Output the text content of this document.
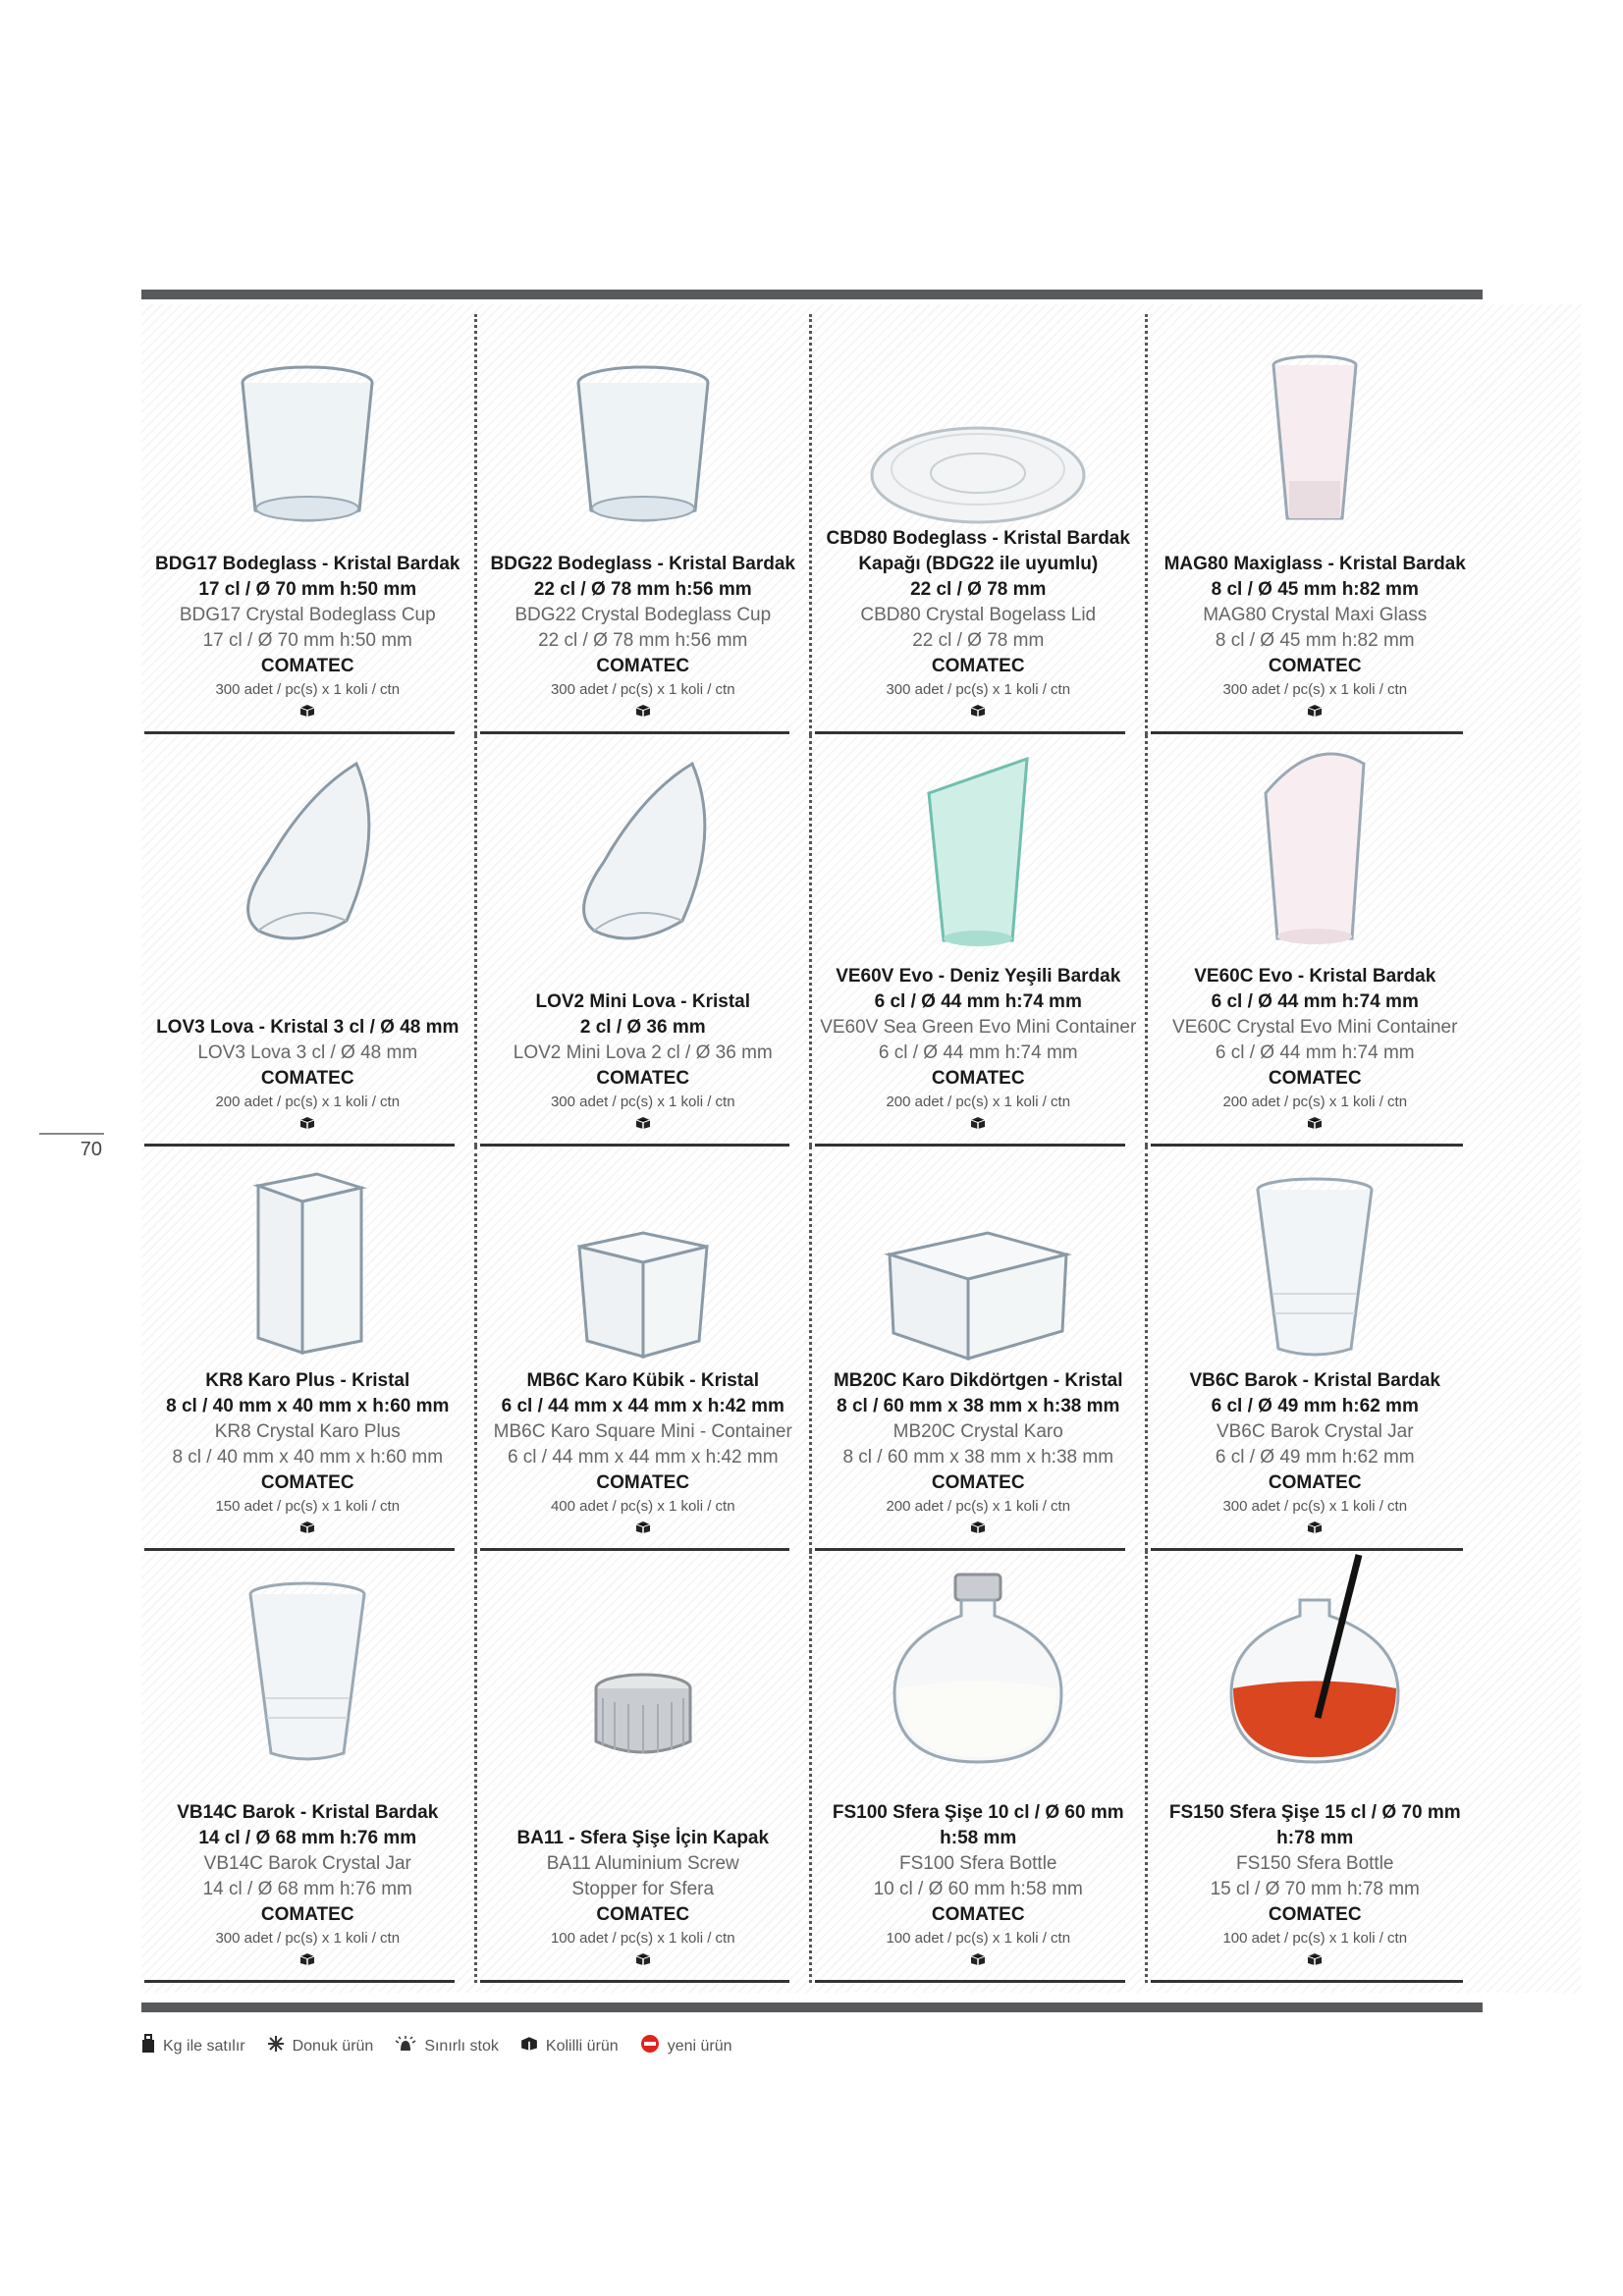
BDG17 Bodeglass - Kristal Bardak
17 cl / Ø 70 mm h:50 mm
BDG17 Crystal Bodeglass Cup
17 cl / Ø 70 mm h:50 mm
COMATEC
300 adet / pc(s) x 1 koli / ctn
BDG22 Bodeglass - Kristal Bardak
22 cl / Ø 78 mm h:56 mm
BDG22 Crystal Bodeglass Cup
22 cl / Ø 78 mm h:56 mm
COMATEC
300 adet / pc(s) x 1 koli / ctn
CBD80 Bodeglass - Kristal Bardak
Kapağı (BDG22 ile uyumlu)
22 cl / Ø 78 mm
CBD80 Crystal Bogelass Lid
22 cl / Ø 78 mm
COMATEC
300 adet / pc(s) x 1 koli / ctn
MAG80 Maxiglass - Kristal Bardak
8 cl / Ø 45 mm h:82 mm
MAG80 Crystal Maxi Glass
8 cl / Ø 45 mm h:82 mm
COMATEC
300 adet / pc(s) x 1 koli / ctn
LOV3 Lova - Kristal 3 cl / Ø 48 mm
LOV3 Lova 3 cl / Ø 48 mm
COMATEC
200 adet / pc(s) x 1 koli / ctn
LOV2 Mini Lova - Kristal
2 cl / Ø 36 mm
LOV2 Mini Lova 2 cl / Ø 36 mm
COMATEC
300 adet / pc(s) x 1 koli / ctn
VE60V Evo - Deniz Yeşili Bardak
6 cl / Ø 44 mm h:74 mm
VE60V Sea Green Evo Mini Container
6 cl / Ø 44 mm h:74 mm
COMATEC
200 adet / pc(s) x 1 koli / ctn
VE60C Evo - Kristal Bardak
6 cl / Ø 44 mm h:74 mm
VE60C Crystal Evo Mini Container
6 cl / Ø 44 mm h:74 mm
COMATEC
200 adet / pc(s) x 1 koli / ctn
KR8 Karo Plus - Kristal
8 cl / 40 mm x 40 mm x h:60 mm
KR8 Crystal Karo Plus
8 cl / 40 mm x 40 mm x h:60 mm
COMATEC
150 adet / pc(s) x 1 koli / ctn
MB6C Karo Kübik - Kristal
6 cl / 44 mm x 44 mm x h:42 mm
MB6C Karo Square Mini - Container
6 cl / 44 mm x 44 mm x h:42 mm
COMATEC
400 adet / pc(s) x 1 koli / ctn
MB20C Karo Dikdörtgen - Kristal
8 cl / 60 mm x 38 mm x h:38 mm
MB20C Crystal Karo
8 cl / 60 mm x 38 mm x h:38 mm
COMATEC
200 adet / pc(s) x 1 koli / ctn
VB6C Barok - Kristal Bardak
6 cl / Ø 49 mm h:62 mm
VB6C Barok Crystal Jar
6 cl / Ø 49 mm h:62 mm
COMATEC
300 adet / pc(s) x 1 koli / ctn
VB14C Barok - Kristal Bardak
14 cl / Ø 68 mm h:76 mm
VB14C Barok Crystal Jar
14 cl / Ø 68 mm h:76 mm
COMATEC
300 adet / pc(s) x 1 koli / ctn
BA11 - Sfera Şişe İçin Kapak
BA11 Aluminium Screw
Stopper for Sfera
COMATEC
100 adet / pc(s) x 1 koli / ctn
FS100 Sfera Şişe 10 cl / Ø 60 mm
h:58 mm
FS100 Sfera Bottle
10 cl / Ø 60 mm h:58 mm
COMATEC
100 adet / pc(s) x 1 koli / ctn
FS150 Sfera Şişe 15 cl / Ø 70 mm
h:78 mm
FS150 Sfera Bottle
15 cl / Ø 70 mm h:78 mm
COMATEC
100 adet / pc(s) x 1 koli / ctn
70
Kg ile satılır	Donuk ürün	Sınırlı stok	Kolilli ürün	yeni ürün
